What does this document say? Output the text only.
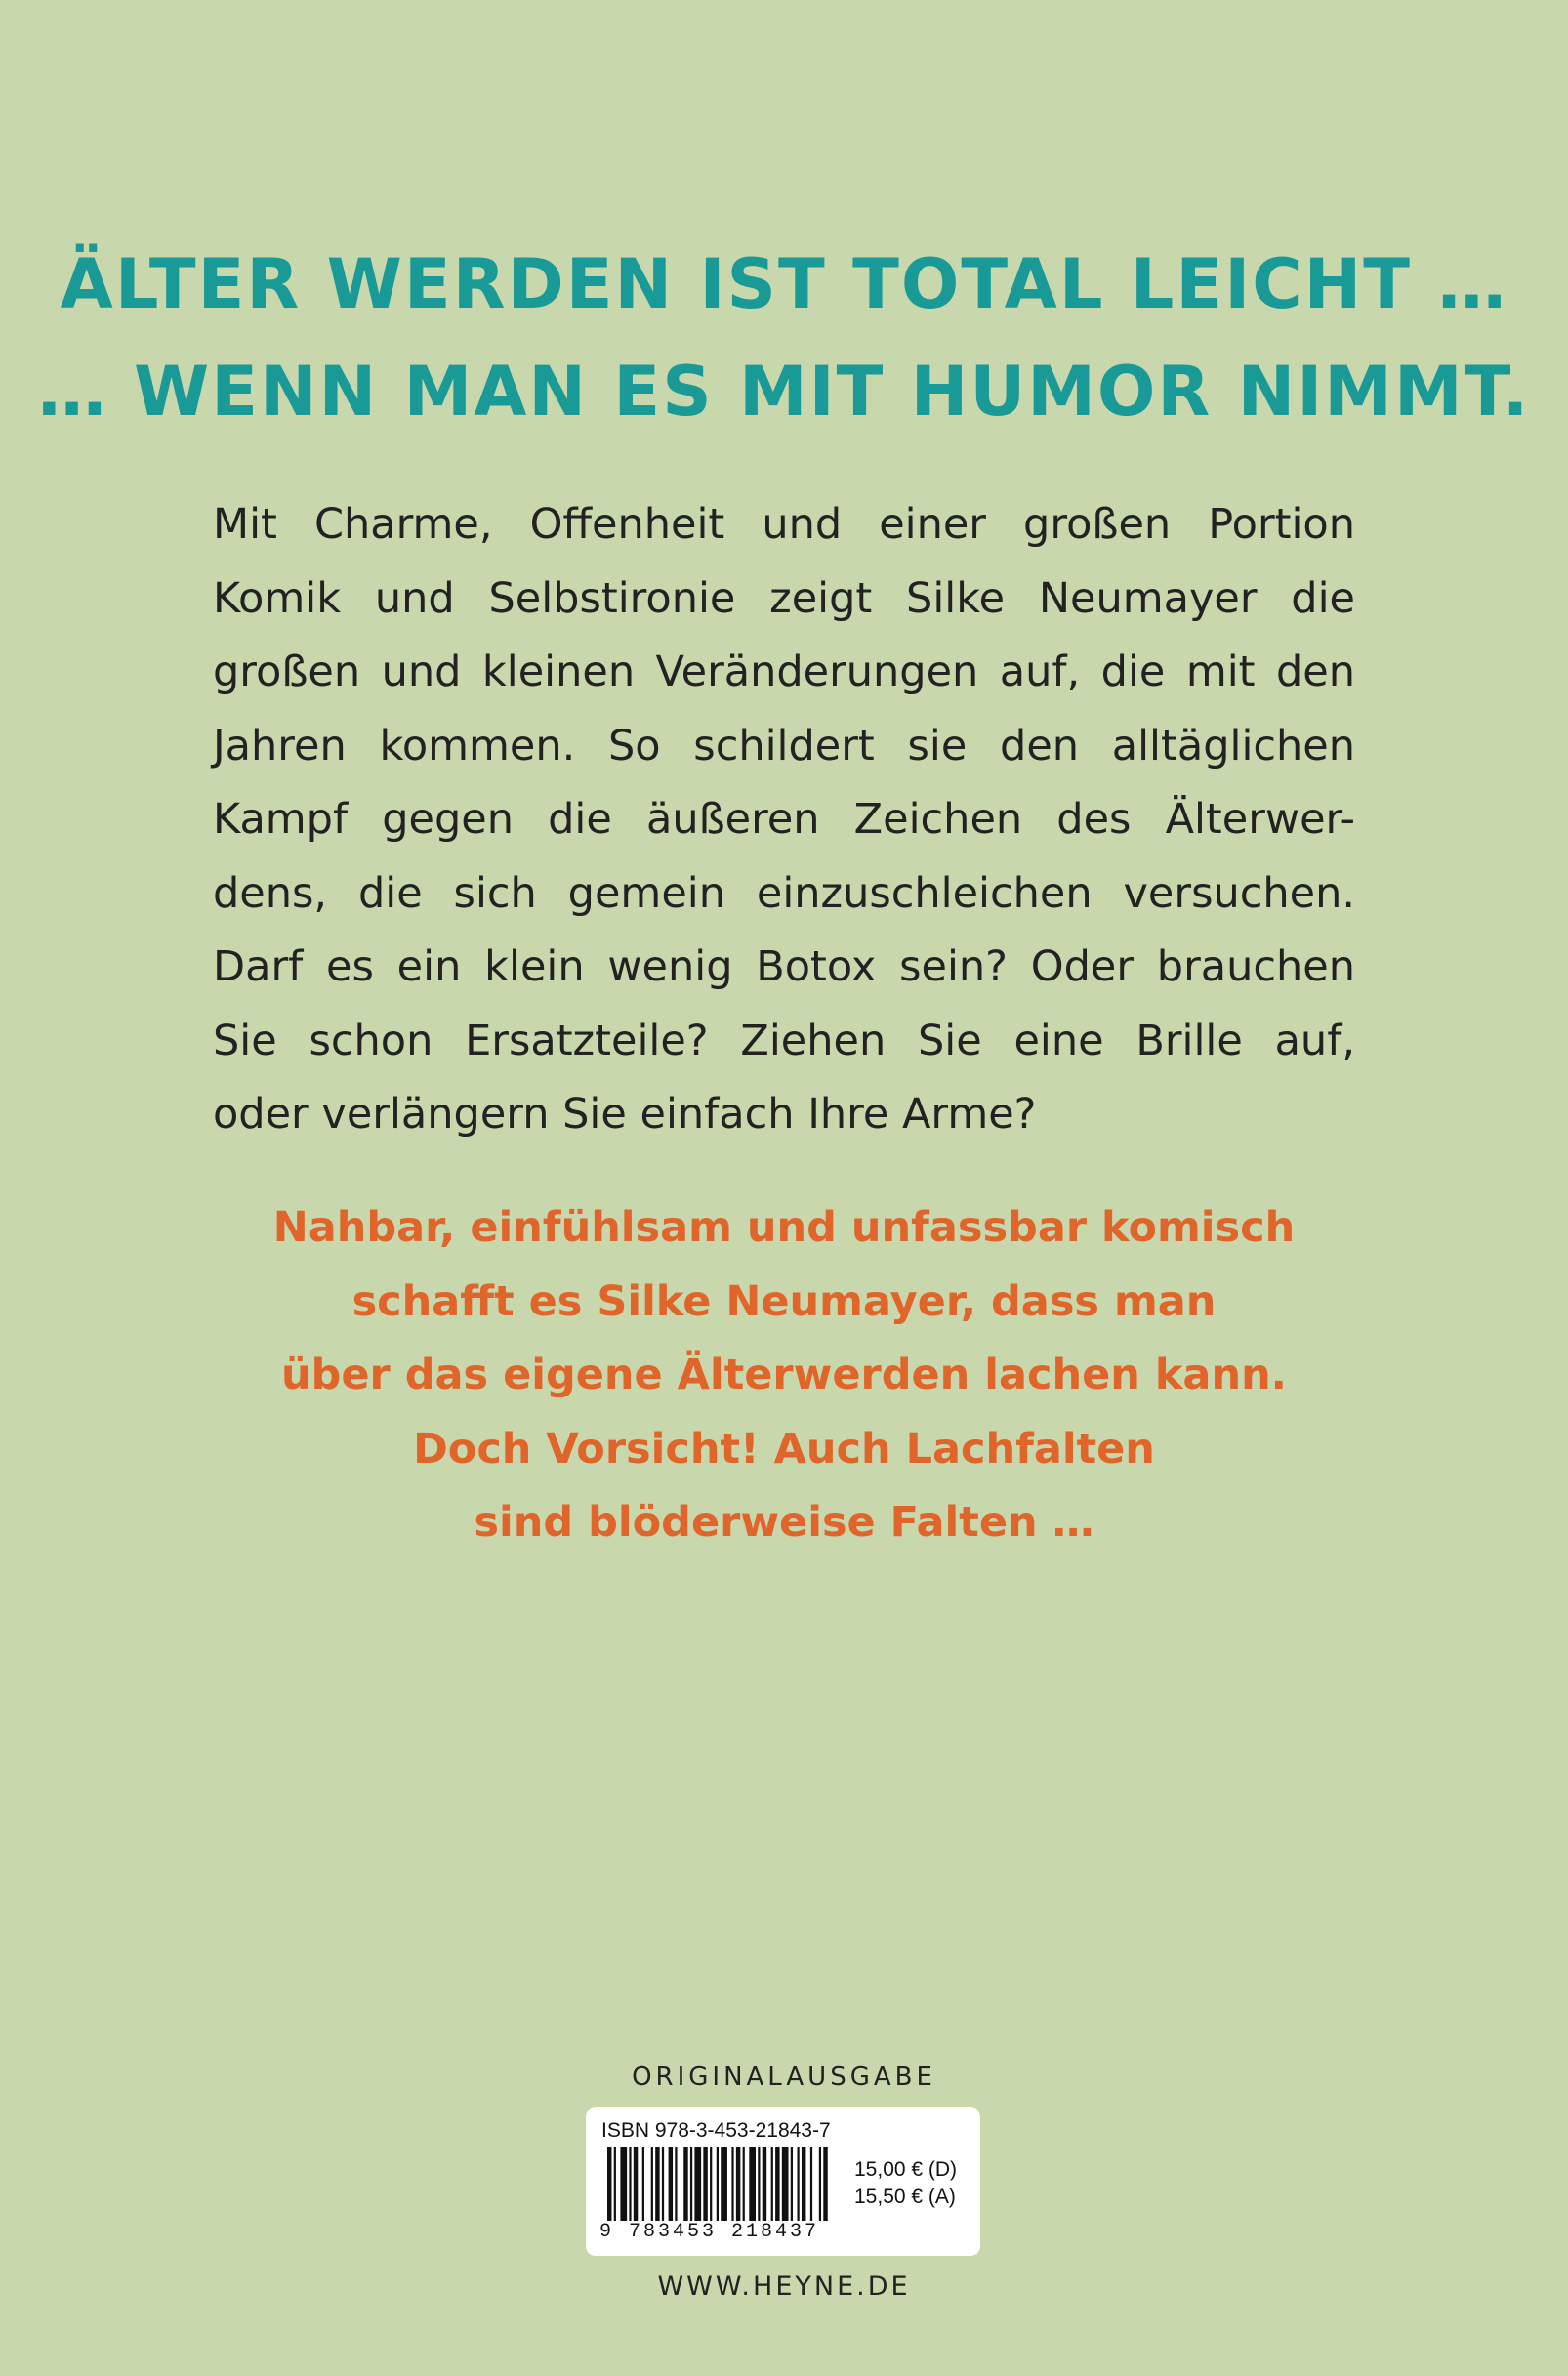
ÄLTER WERDEN IST TOTAL LEICHT …
… WENN MAN ES MIT HUMOR NIMMT.

Mit Charme, Offenheit und einer großen Portion
Komik und Selbstironie zeigt Silke Neumayer die
großen und kleinen Veränderungen auf, die mit den
Jahren kommen. So schildert sie den alltäglichen
Kampf gegen die äußeren Zeichen des Älterwer-
dens, die sich gemein einzuschleichen versuchen.
Darf es ein klein wenig Botox sein? Oder brauchen
Sie schon Ersatzteile? Ziehen Sie eine Brille auf,
oder verlängern Sie einfach Ihre Arme?

Nahbar, einfühlsam und unfassbar komisch
schafft es Silke Neumayer, dass man
über das eigene Älterwerden lachen kann.
Doch Vorsicht! Auch Lachfalten
sind blöderweise Falten …

ORIGINALAUSGABE
ISBN 978-3-453-21843-7
9 783453 218437
15,00 € (D)
15,50 € (A)
WWW.HEYNE.DE
